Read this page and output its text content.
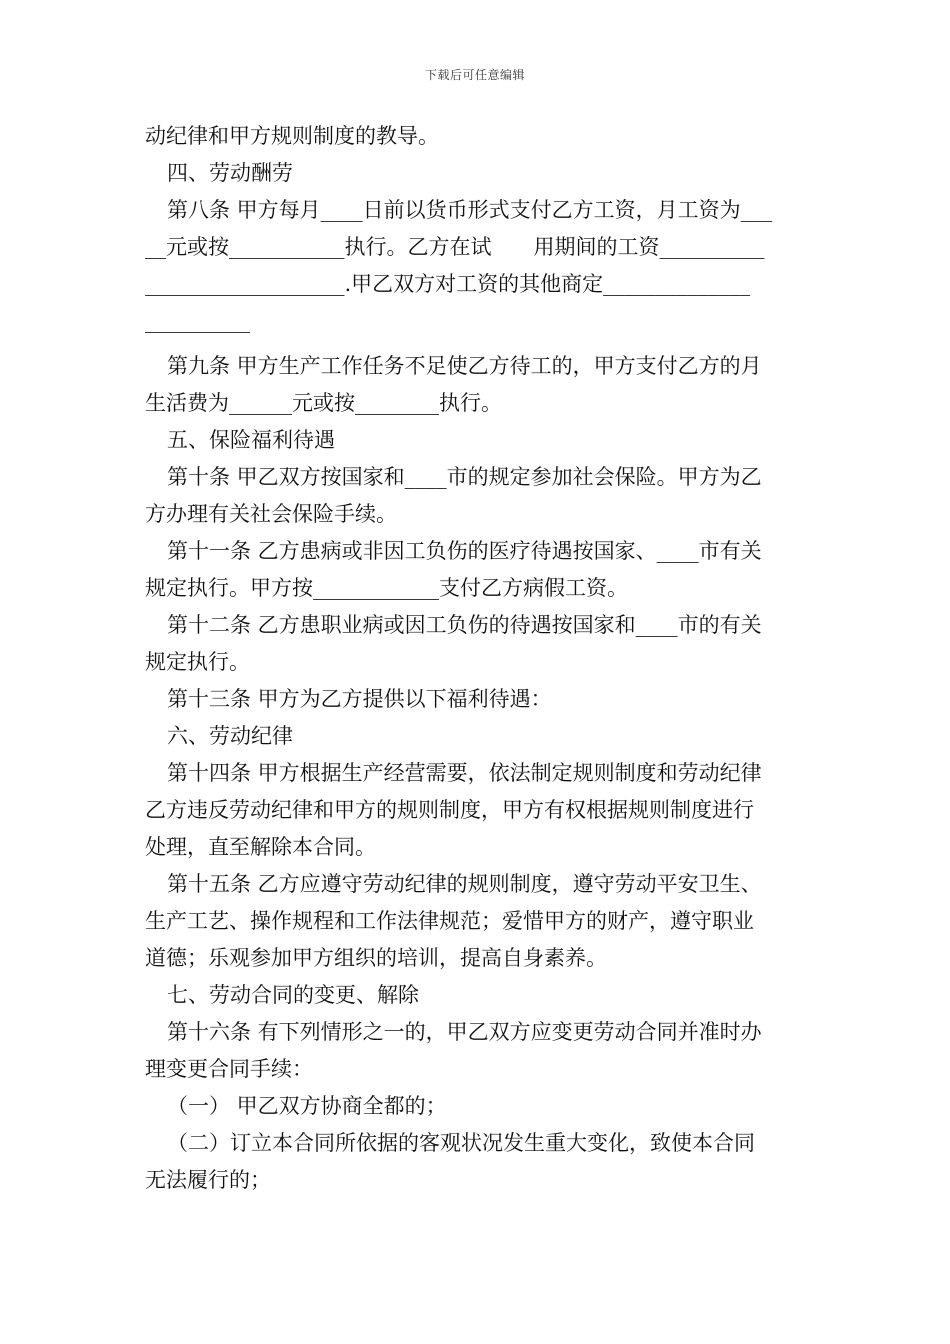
下载后可任意编辑
动纪律和甲方规则制度的教导。
四、劳动酬劳
第八条 甲方每月____日前以货币形式支付乙方工资，月工资为___
__元或按___________执行。乙方在试　　用期间的工资__________
___________________.甲乙双方对工资的其他商定______________
__________
第九条 甲方生产工作任务不足使乙方待工的，甲方支付乙方的月
生活费为______元或按________执行。
五、保险福利待遇
第十条 甲乙双方按国家和____市的规定参加社会保险。甲方为乙
方办理有关社会保险手续。
第十一条 乙方患病或非因工负伤的医疗待遇按国家、____市有关
规定执行。甲方按____________支付乙方病假工资。
第十二条 乙方患职业病或因工负伤的待遇按国家和____市的有关
规定执行。
第十三条 甲方为乙方提供以下福利待遇：
六、劳动纪律
第十四条 甲方根据生产经营需要，依法制定规则制度和劳动纪律
乙方违反劳动纪律和甲方的规则制度，甲方有权根据规则制度进行
处理，直至解除本合同。
第十五条 乙方应遵守劳动纪律的规则制度，遵守劳动平安卫生、
生产工艺、操作规程和工作法律规范；爱惜甲方的财产，遵守职业
道德；乐观参加甲方组织的培训，提高自身素养。
七、劳动合同的变更、解除
第十六条 有下列情形之一的，甲乙双方应变更劳动合同并准时办
理变更合同手续：
（一） 甲乙双方协商全都的；
（二）订立本合同所依据的客观状况发生重大变化，致使本合同
无法履行的；
